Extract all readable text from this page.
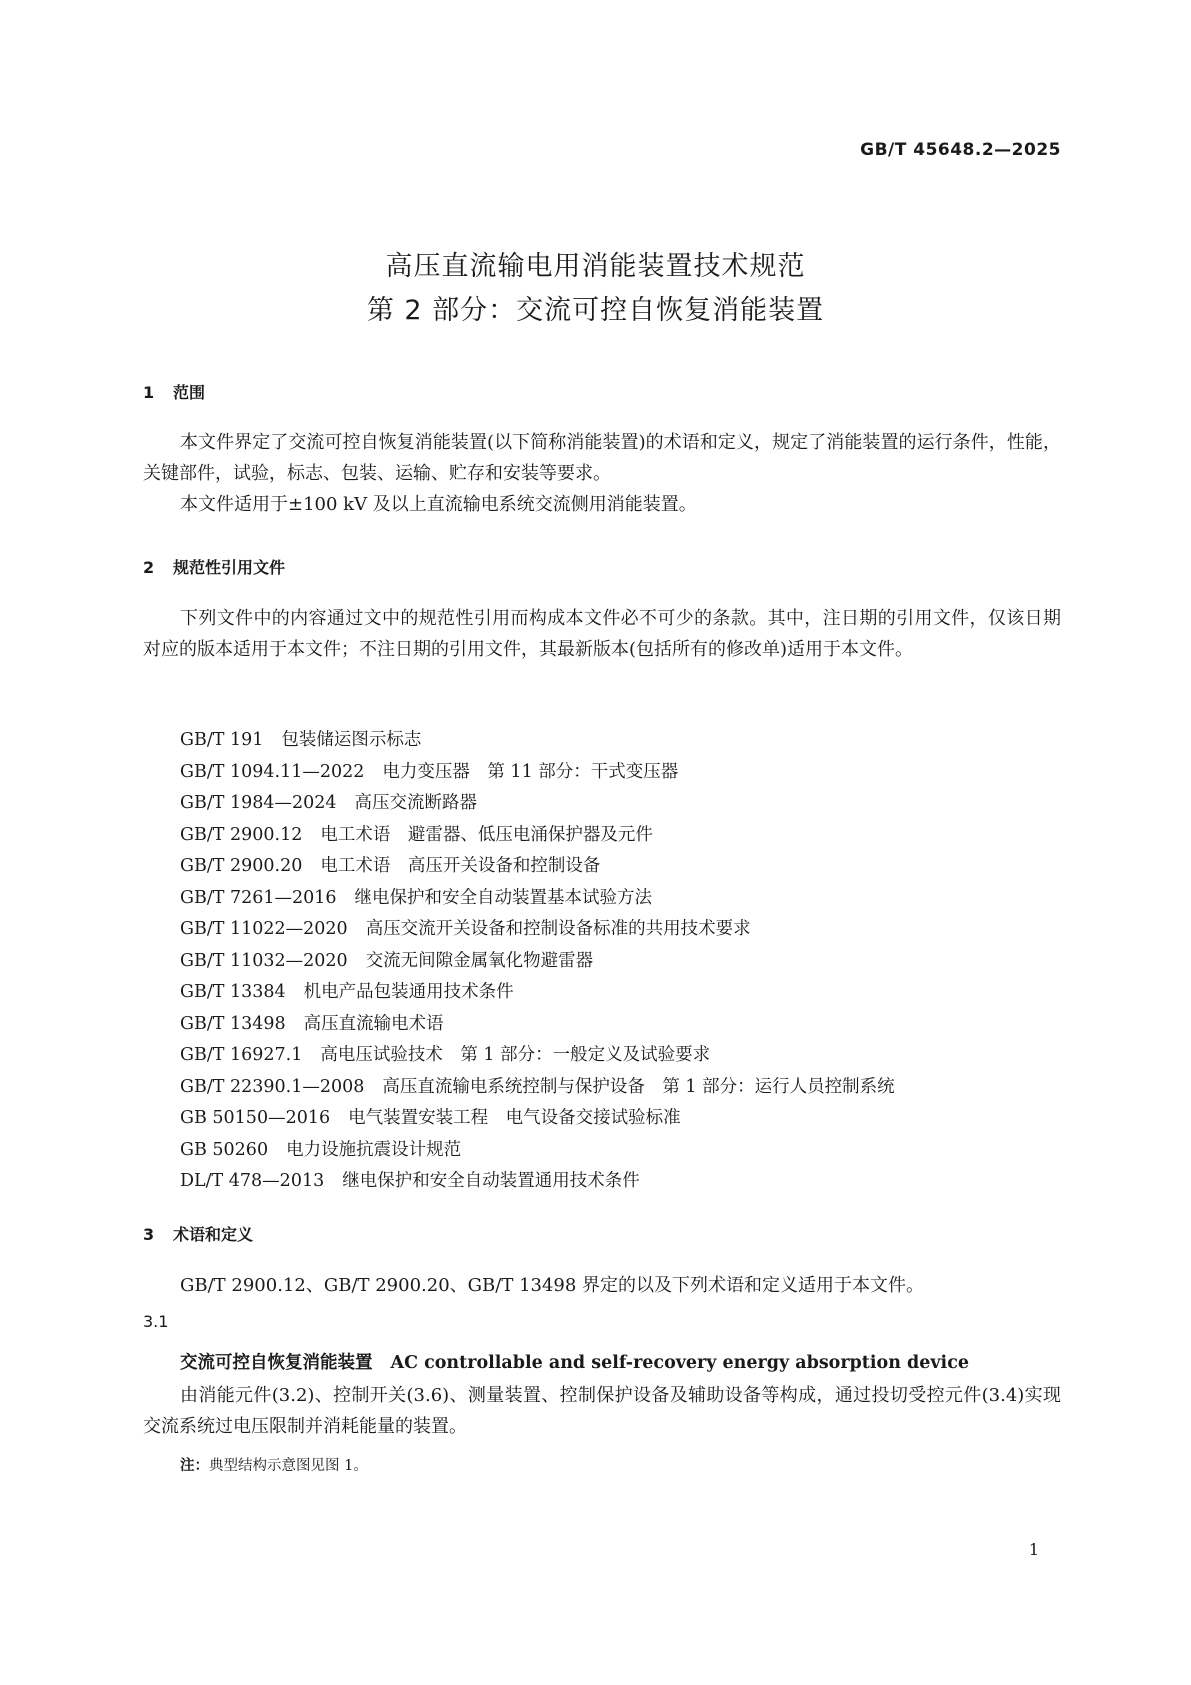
GB/T 45648.2—2025
高压直流输电用消能装置技术规范
第 2 部分：交流可控自恢复消能装置
1 范围
本文件界定了交流可控自恢复消能装置(以下简称消能装置)的术语和定义，规定了消能装置的运行条件，性能，关键部件，试验，标志、包装、运输、贮存和安装等要求。
本文件适用于±100 kV 及以上直流输电系统交流侧用消能装置。
2 规范性引用文件
下列文件中的内容通过文中的规范性引用而构成本文件必不可少的条款。其中，注日期的引用文件，仅该日期对应的版本适用于本文件；不注日期的引用文件，其最新版本(包括所有的修改单)适用于本文件。
GB/T 191 包装储运图示标志
GB/T 1094.11—2022 电力变压器　第 11 部分：干式变压器
GB/T 1984—2024 高压交流断路器
GB/T 2900.12 电工术语　避雷器、低压电涌保护器及元件
GB/T 2900.20 电工术语　高压开关设备和控制设备
GB/T 7261—2016 继电保护和安全自动装置基本试验方法
GB/T 11022—2020 高压交流开关设备和控制设备标准的共用技术要求
GB/T 11032—2020 交流无间隙金属氧化物避雷器
GB/T 13384 机电产品包装通用技术条件
GB/T 13498 高压直流输电术语
GB/T 16927.1 高电压试验技术　第 1 部分：一般定义及试验要求
GB/T 22390.1—2008 高压直流输电系统控制与保护设备　第 1 部分：运行人员控制系统
GB 50150—2016 电气装置安装工程　电气设备交接试验标准
GB 50260 电力设施抗震设计规范
DL/T 478—2013 继电保护和安全自动装置通用技术条件
3 术语和定义
GB/T 2900.12、GB/T 2900.20、GB/T 13498 界定的以及下列术语和定义适用于本文件。
3.1
交流可控自恢复消能装置 AC controllable and self-recovery energy absorption device
由消能元件(3.2)、控制开关(3.6)、测量装置、控制保护设备及辅助设备等构成，通过投切受控元件(3.4)实现交流系统过电压限制并消耗能量的装置。
注：典型结构示意图见图 1。
1
